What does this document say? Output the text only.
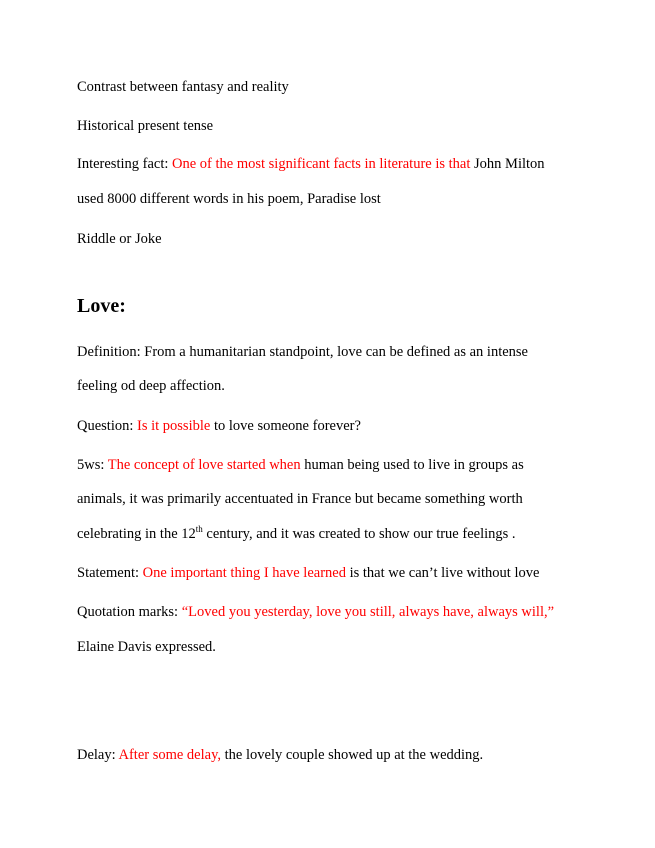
Contrast between fantasy and reality
Historical present tense
Interesting fact: One of the most significant facts in literature is that John Milton
used 8000 different words in his poem, Paradise lost
Riddle or Joke
Love:
Definition: From a humanitarian standpoint, love can be defined as an intense
feeling od deep affection.
Question: Is it possible to love someone forever?
5ws: The concept of love started when human being used to live in groups as
animals, it was primarily accentuated in France but became something worth
celebrating in the 12th century, and it was created to show our true feelings .
Statement: One important thing I have learned is that we can’t live without love
Quotation marks: “Loved you yesterday, love you still, always have, always will,”
Elaine Davis expressed.
Delay: After some delay, the lovely couple showed up at the wedding.
